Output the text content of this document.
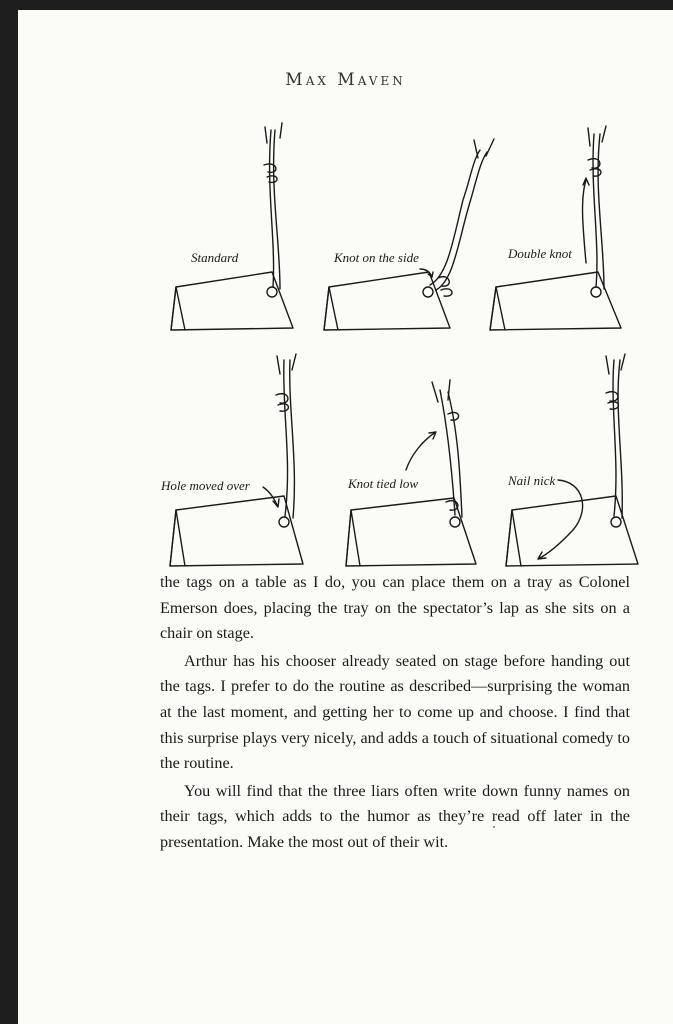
Max Maven
Standard	Knot on the side	Double knot
Hole moved over	Knot tied low	Nail nick

the tags on a table as I do, you can place them on a tray as Colonel Emerson does, placing the tray on the spectator’s lap as she sits on a chair on stage.

Arthur has his chooser already seated on stage before handing out the tags. I prefer to do the routine as described—surprising the woman at the last moment, and getting her to come up and choose. I find that this surprise plays very nicely, and adds a touch of situational comedy to the routine.

You will find that the three liars often write down funny names on their tags, which adds to the humor as they’re read off later in the presentation. Make the most out of their wit.
